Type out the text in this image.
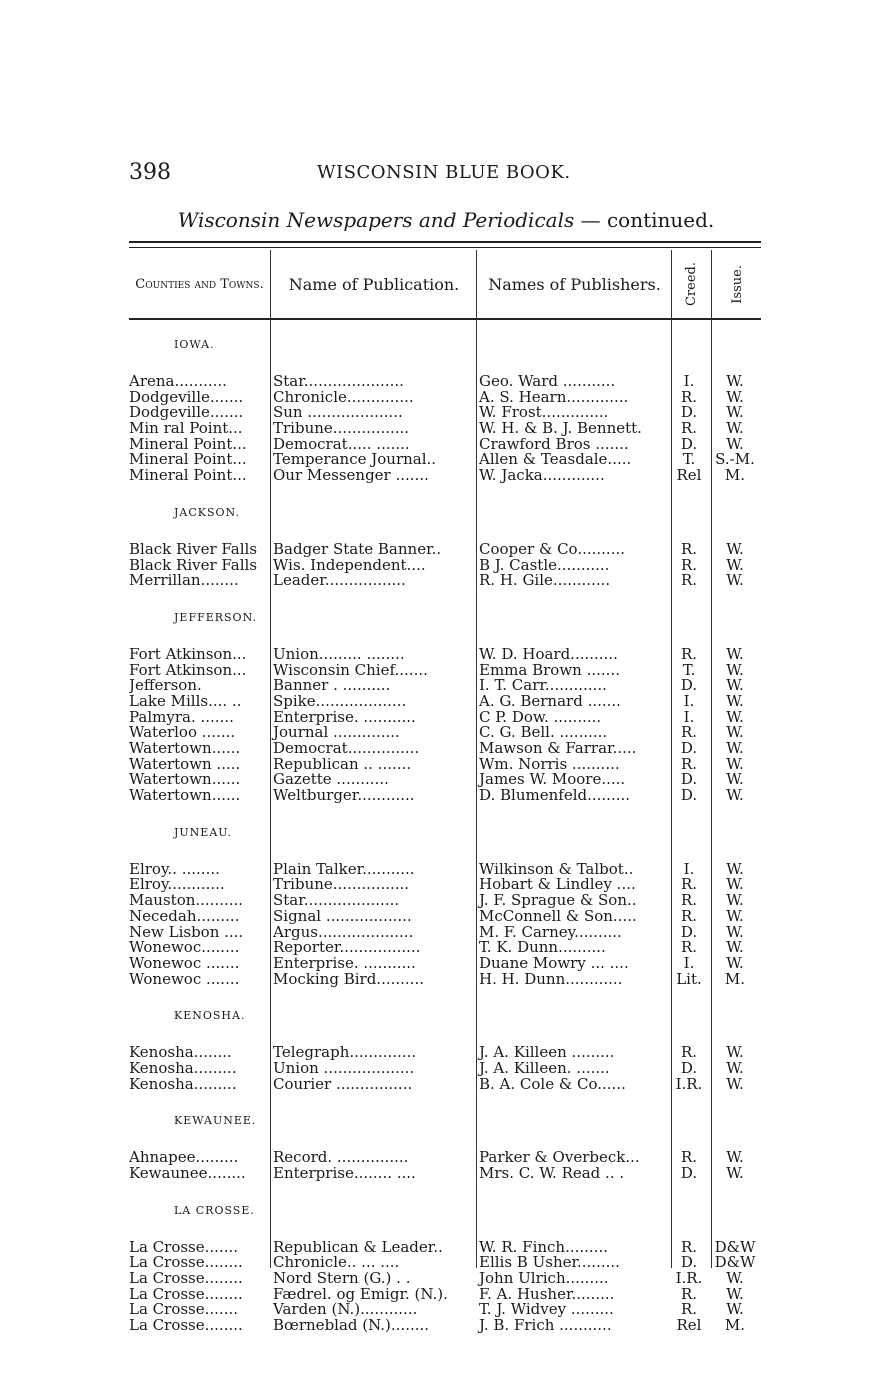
398	WISCONSIN BLUE BOOK.
Wisconsin Newspapers and Periodicals — continued.
Counties and Towns.	Name of Publication.	Names of Publishers.	Creed. Issue.
IOWA.
Arena...........	Star.....................	Geo. Ward ...........	I.	W.
Dodgeville.......	Chronicle..............	A. S. Hearn.............	R.	W.
Dodgeville.......	Sun ....................	W. Frost..............	D.	W.
Min ral Point...	Tribune................	W. H. & B. J. Bennett.	R.	W.
Mineral Point...	Democrat..... .......	Crawford Bros .......	D.	W.
Mineral Point...	Temperance Journal..	Allen & Teasdale.....	T.	S.-M.
Mineral Point...	Our Messenger .......	W. Jacka.............	Rel	M.
JACKSON.
Black River Falls	Badger State Banner..	Cooper & Co..........	R.	W.
Black River Falls	Wis. Independent....	B J. Castle...........	R.	W.
Merrillan........	Leader.................	R. H. Gile............	R.	W.
JEFFERSON.
Fort Atkinson...	Union......... ........	W. D. Hoard..........	R.	W.
Fort Atkinson...	Wisconsin Chief.......	Emma Brown .......	T.	W.
Jefferson.	Banner . ..........	I. T. Carr.............	D.	W.
Lake Mills.... ..	Spike...................	A. G. Bernard .......	I.	W.
Palmyra. .......	Enterprise. ...........	C P. Dow. ..........	I.	W.
Waterloo .......	Journal ..............	C. G. Bell. ..........	R.	W.
Watertown......	Democrat...............	Mawson & Farrar.....	D.	W.
Watertown .....	Republican .. .......	Wm. Norris ..........	R.	W.
Watertown......	Gazette ...........	James W. Moore.....	D.	W.
Watertown......	Weltburger............	D. Blumenfeld.........	D.	W.
JUNEAU.
Elroy.. ........	Plain Talker...........	Wilkinson & Talbot..	I.	W.
Elroy............	Tribune................	Hobart & Lindley ....	R.	W.
Mauston..........	Star....................	J. F. Sprague & Son..	R.	W.
Necedah.........	Signal ..................	McConnell & Son.....	R.	W.
New Lisbon ....	Argus....................	M. F. Carney..........	D.	W.
Wonewoc........	Reporter.................	T. K. Dunn..........	R.	W.
Wonewoc .......	Enterprise. ...........	Duane Mowry ... ....	I.	W.
Wonewoc .......	Mocking Bird..........	H. H. Dunn............	Lit.	M.
KENOSHA.
Kenosha........	Telegraph..............	J. A. Killeen .........	R.	W.
Kenosha.........	Union ...................	J. A. Killeen. .......	D.	W.
Kenosha.........	Courier ................	B. A. Cole & Co......	I.R.	W.
KEWAUNEE.
Ahnapee.........	Record. ...............	Parker & Overbeck...	R.	W.
Kewaunee........	Enterprise........ ....	Mrs. C. W. Read .. .	D.	W.
LA CROSSE.
La Crosse.......	Republican & Leader..	W. R. Finch.........	R.	D&W
La Crosse........	Chronicle.. ... ....	Ellis B Usher.........	D.	D&W
La Crosse........	Nord Stern (G.) . .	John Ulrich.........	I.R.	W.
La Crosse........	Fædrel. og Emigr. (N.).	F. A. Husher.........	R.	W.
La Crosse.......	Varden (N.)............	T. J. Widvey .........	R.	W.
La Crosse........	Bœrneblad (N.)........	J. B. Frich ...........	Rel	M.
